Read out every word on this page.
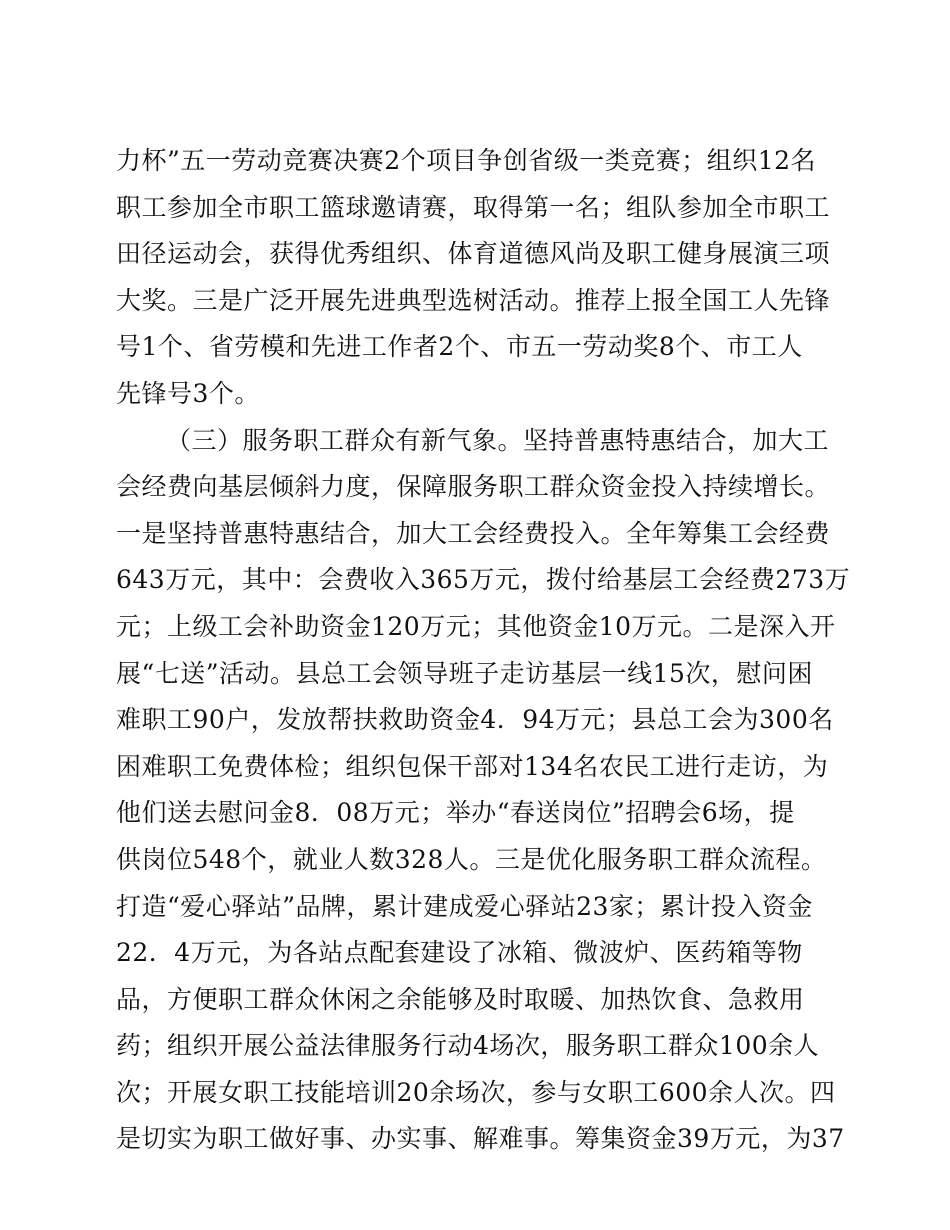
力杯”五一劳动竞赛决赛2个项目争创省级一类竞赛；组织12名
职工参加全市职工篮球邀请赛，取得第一名；组队参加全市职工
田径运动会，获得优秀组织、体育道德风尚及职工健身展演三项
大奖。三是广泛开展先进典型选树活动。推荐上报全国工人先锋
号1个、省劳模和先进工作者2个、市五一劳动奖8个、市工人
先锋号3个。
（三）服务职工群众有新气象。坚持普惠特惠结合，加大工
会经费向基层倾斜力度，保障服务职工群众资金投入持续增长。
一是坚持普惠特惠结合，加大工会经费投入。全年筹集工会经费
643万元，其中：会费收入365万元，拨付给基层工会经费273万
元；上级工会补助资金120万元；其他资金10万元。二是深入开
展“七送”活动。县总工会领导班子走访基层一线15次，慰问困
难职工90户，发放帮扶救助资金4．94万元；县总工会为300名
困难职工免费体检；组织包保干部对134名农民工进行走访，为
他们送去慰问金8．08万元；举办“春送岗位”招聘会6场，提
供岗位548个，就业人数328人。三是优化服务职工群众流程。
打造“爱心驿站”品牌，累计建成爱心驿站23家；累计投入资金
22．4万元，为各站点配套建设了冰箱、微波炉、医药箱等物
品，方便职工群众休闲之余能够及时取暖、加热饮食、急救用
药；组织开展公益法律服务行动4场次，服务职工群众100余人
次；开展女职工技能培训20余场次，参与女职工600余人次。四
是切实为职工做好事、办实事、解难事。筹集资金39万元，为37
